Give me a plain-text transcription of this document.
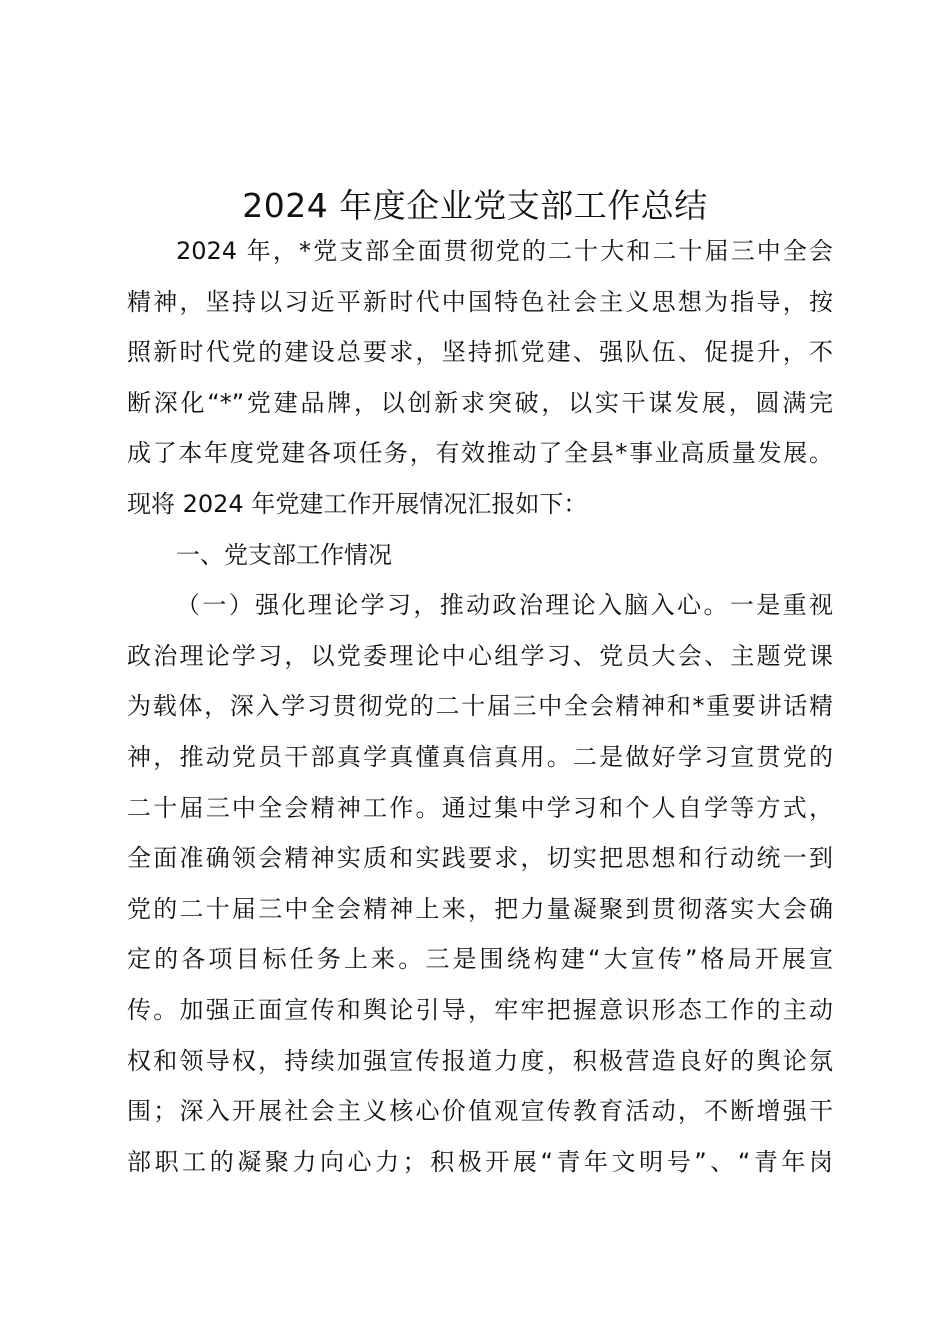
2024 年度企业党支部工作总结
2024 年，*党支部全面贯彻党的二十大和二十届三中全会
精神，坚持以习近平新时代中国特色社会主义思想为指导，按
照新时代党的建设总要求，坚持抓党建、强队伍、促提升，不
断深化“*”党建品牌，以创新求突破，以实干谋发展，圆满完
成了本年度党建各项任务，有效推动了全县*事业高质量发展。
现将 2024 年党建工作开展情况汇报如下：
一、党支部工作情况
（一）强化理论学习，推动政治理论入脑入心。一是重视
政治理论学习，以党委理论中心组学习、党员大会、主题党课
为载体，深入学习贯彻党的二十届三中全会精神和*重要讲话精
神，推动党员干部真学真懂真信真用。二是做好学习宣贯党的
二十届三中全会精神工作。通过集中学习和个人自学等方式，
全面准确领会精神实质和实践要求，切实把思想和行动统一到
党的二十届三中全会精神上来，把力量凝聚到贯彻落实大会确
定的各项目标任务上来。三是围绕构建“大宣传”格局开展宣
传。加强正面宣传和舆论引导，牢牢把握意识形态工作的主动
权和领导权，持续加强宣传报道力度，积极营造良好的舆论氛
围；深入开展社会主义核心价值观宣传教育活动，不断增强干
部职工的凝聚力向心力；积极开展“青年文明号”、“青年岗
